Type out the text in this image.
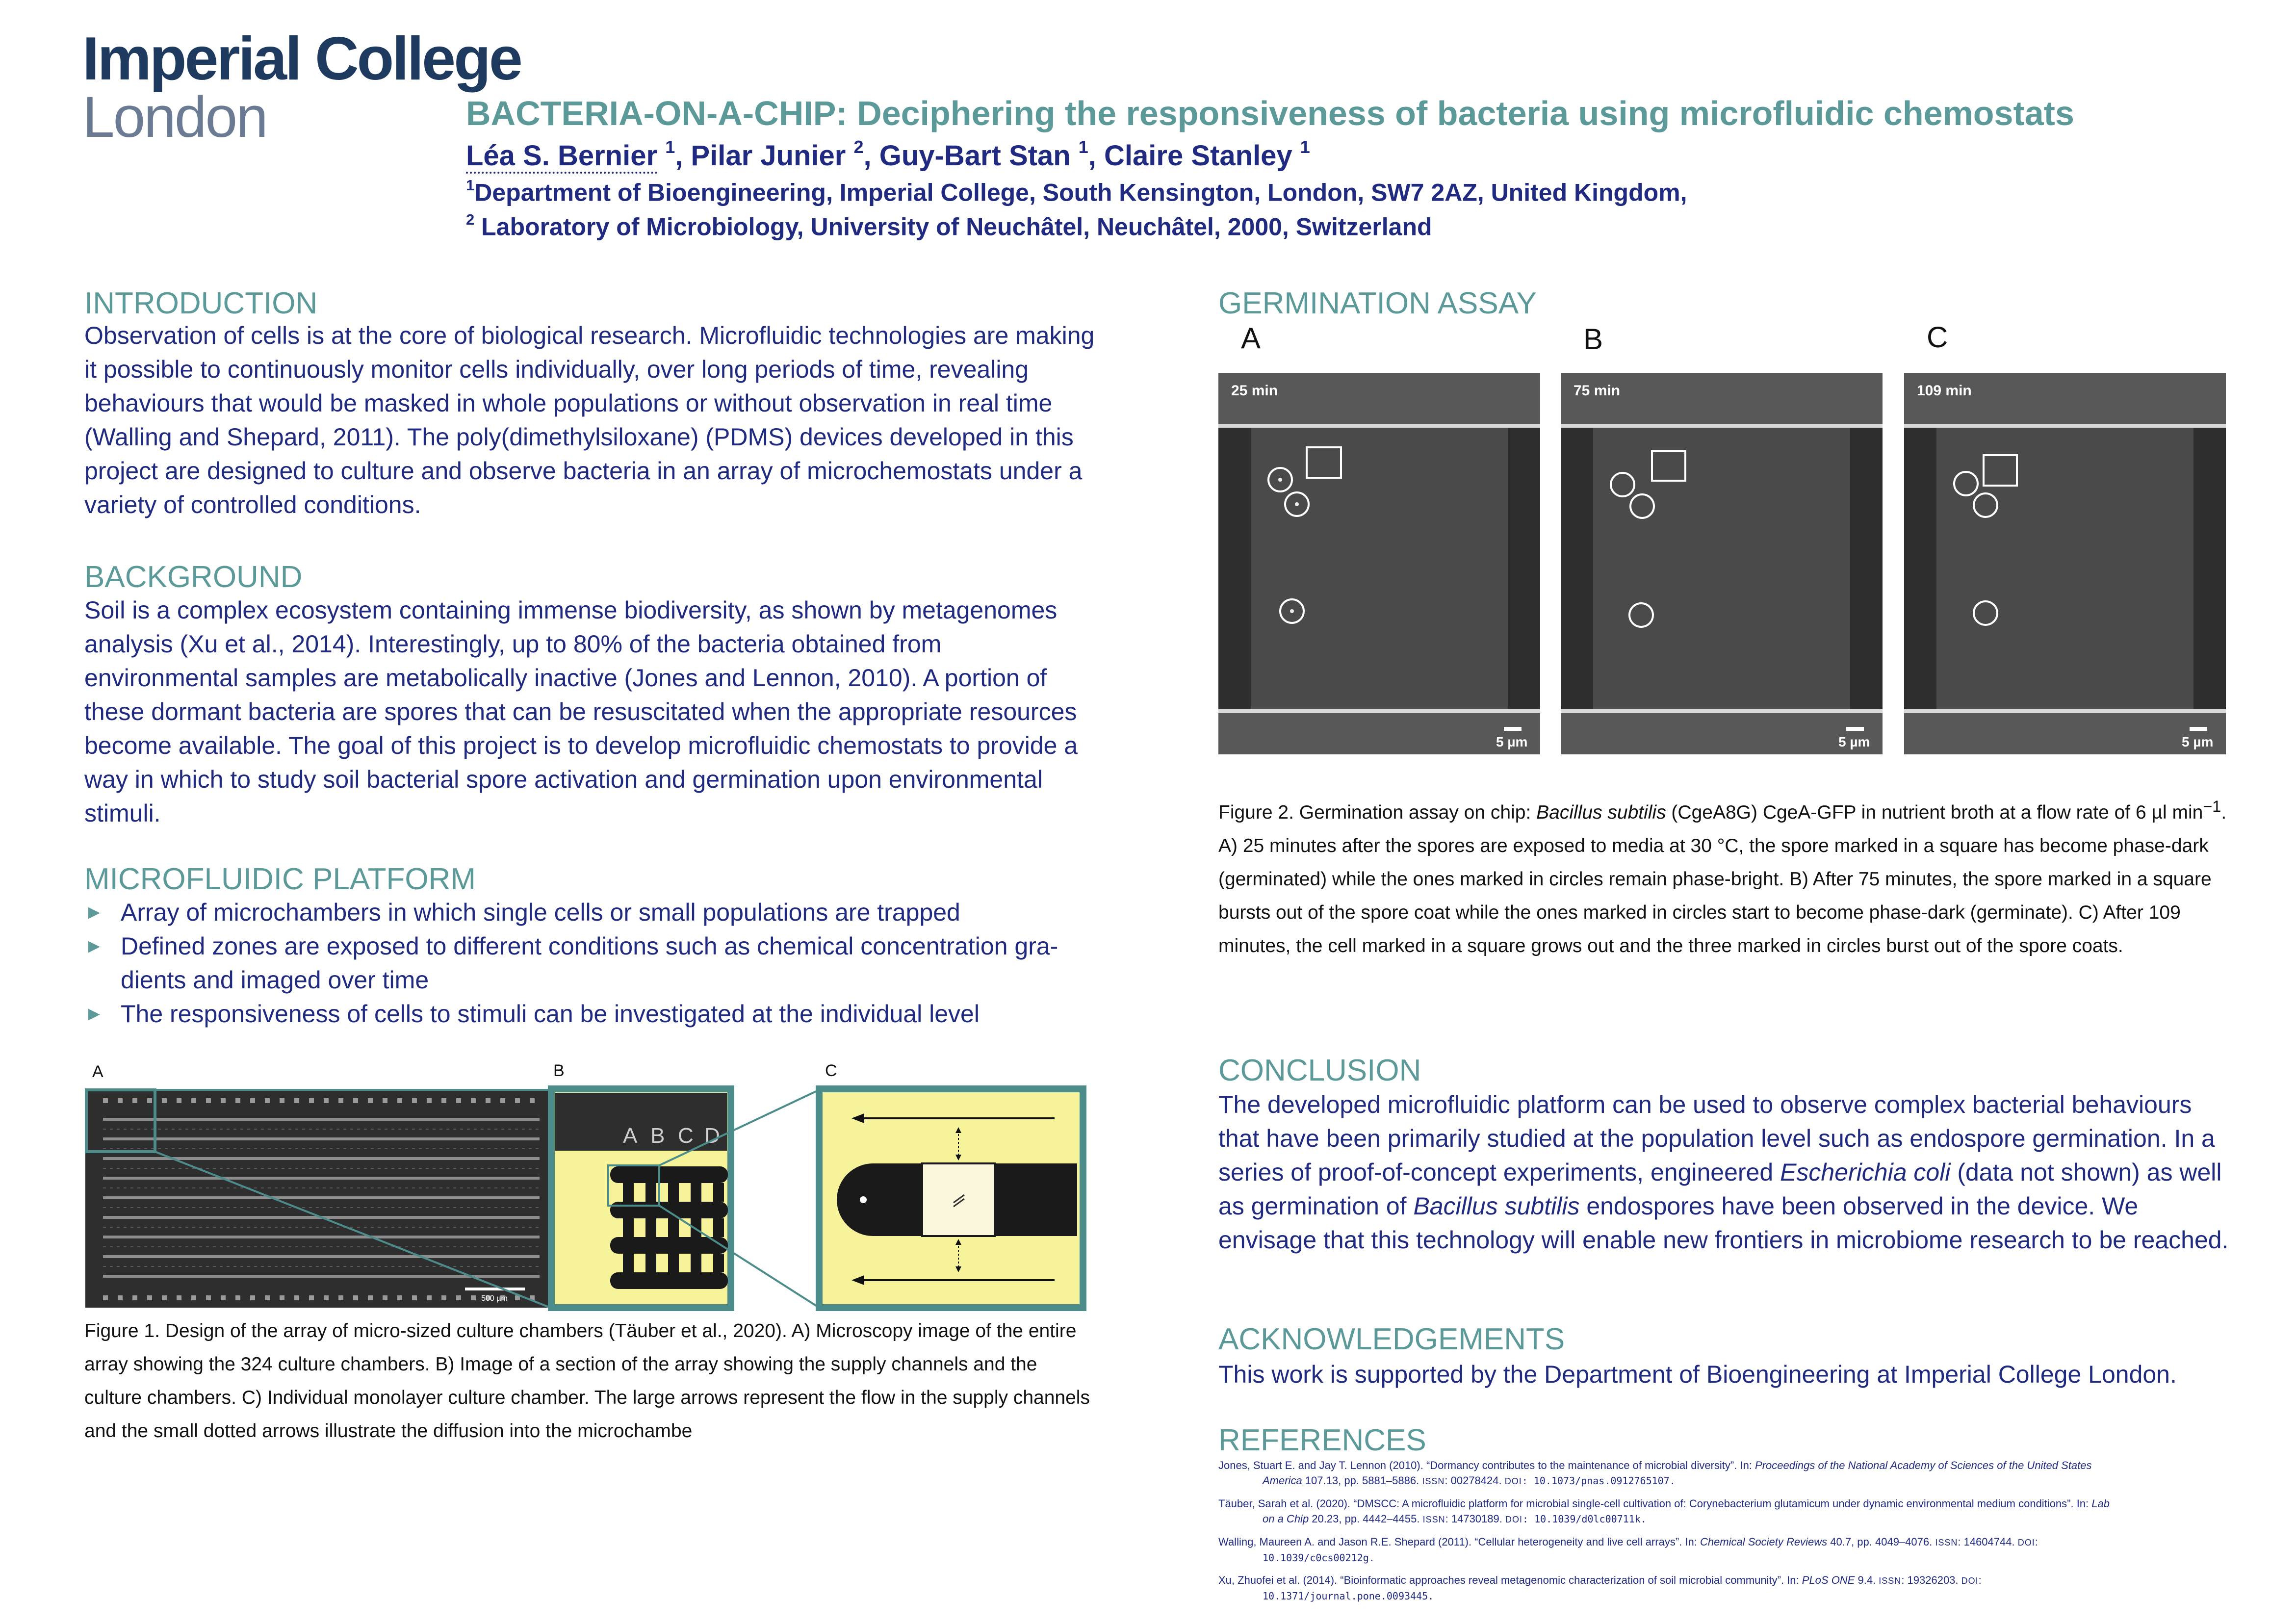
Imperial College
London	BACTERIA-ON-A-CHIP: Deciphering the responsiveness of bacteria using microfluidic chemostats
Léa S. Bernier $^1$, Pilar Junier $^2$, Guy-Bart Stan $^1$, Claire Stanley $^1$
$^1$Department of Bioengineering, Imperial College, South Kensington, London, SW7 2AZ, United Kingdom,
$^2$ Laboratory of Microbiology, University of Neuchâtel, Neuchâtel, 2000, Switzerland
INTRODUCTION
Observation of cells is at the core of biological research. Microfluidic technologies are making it possible to continuously monitor cells individually, over long periods of time, revealing behaviours that would be masked in whole populations or without observation in real time (Walling and Shepard, 2011). The poly(dimethylsiloxane) (PDMS) devices developed in this project are designed to culture and observe bacteria in an array of microchemostats under a variety of controlled conditions.
BACKGROUND
Soil is a complex ecosystem containing immense biodiversity, as shown by metagenomes analysis (Xu et al., 2014). Interestingly, up to 80% of the bacteria obtained from environmental samples are metabolically inactive (Jones and Lennon, 2010). A portion of these dormant bacteria are spores that can be resuscitated when the appropriate resources become available. The goal of this project is to develop microfluidic chemostats to provide a way in which to study soil bacterial spore activation and germination upon environmental stimuli.
MICROFLUIDIC PLATFORM
► Array of microchambers in which single cells or small populations are trapped
► Defined zones are exposed to different conditions such as chemical concentration gra-dients and imaged over time
► The responsiveness of cells to stimuli can be investigated at the individual level
A	B	C
500 µm
A B C D
Figure 1. Design of the array of micro-sized culture chambers (Täuber et al., 2020). A) Microscopy image of the entire array showing the 324 culture chambers. B) Image of a section of the array showing the supply channels and the culture chambers. C) Individual monolayer culture chamber. The large arrows represent the flow in the supply channels and the small dotted arrows illustrate the diffusion into the microchambe
GERMINATION ASSAY
A	B	C
25 min
5 µm
75 min
5 µm
109 min
5 µm
Figure 2. Germination assay on chip: Bacillus subtilis (CgeA8G) CgeA-GFP in nutrient broth at a flow rate of 6 µl $\min^{-1}$. A) 25 minutes after the spores are exposed to media at 30 °C, the spore marked in a square has become phase-dark (germinated) while the ones marked in circles remain phase-bright. B) After 75 minutes, the spore marked in a square bursts out of the spore coat while the ones marked in circles start to become phase-dark (germinate). C) After 109 minutes, the cell marked in a square grows out and the three marked in circles burst out of the spore coats.
CONCLUSION
The developed microfluidic platform can be used to observe complex bacterial behaviours that have been primarily studied at the population level such as endospore germination. In a series of proof-of-concept experiments, engineered Escherichia coli (data not shown) as well as germination of Bacillus subtilis endospores have been observed in the device. We envisage that this technology will enable new frontiers in microbiome research to be reached.
ACKNOWLEDGEMENTS
This work is supported by the Department of Bioengineering at Imperial College London.
REFERENCES

Jones, Stuart E. and Jay T. Lennon (2010). “Dormancy contributes to the maintenance of microbial diversity”. In: Proceedings of the National Academy of Sciences of the United States
America 107.13, pp. 5881–5886. ISSN: 00278424. DOI: 10.1073/pnas.0912765107.

Täuber, Sarah et al. (2020). “DMSCC: A microfluidic platform for microbial single-cell cultivation of: Corynebacterium glutamicum under dynamic environmental medium conditions”. In: Lab
on a Chip 20.23, pp. 4442–4455. ISSN: 14730189. DOI: 10.1039/d0lc00711k.

Walling, Maureen A. and Jason R.E. Shepard (2011). “Cellular heterogeneity and live cell arrays”. In: Chemical Society Reviews 40.7, pp. 4049–4076. ISSN: 14604744. DOI:
10.1039/c0cs00212g.

Xu, Zhuofei et al. (2014). “Bioinformatic approaches reveal metagenomic characterization of soil microbial community”. In: PLoS ONE 9.4. ISSN: 19326203. DOI:
10.1371/journal.pone.0093445.
